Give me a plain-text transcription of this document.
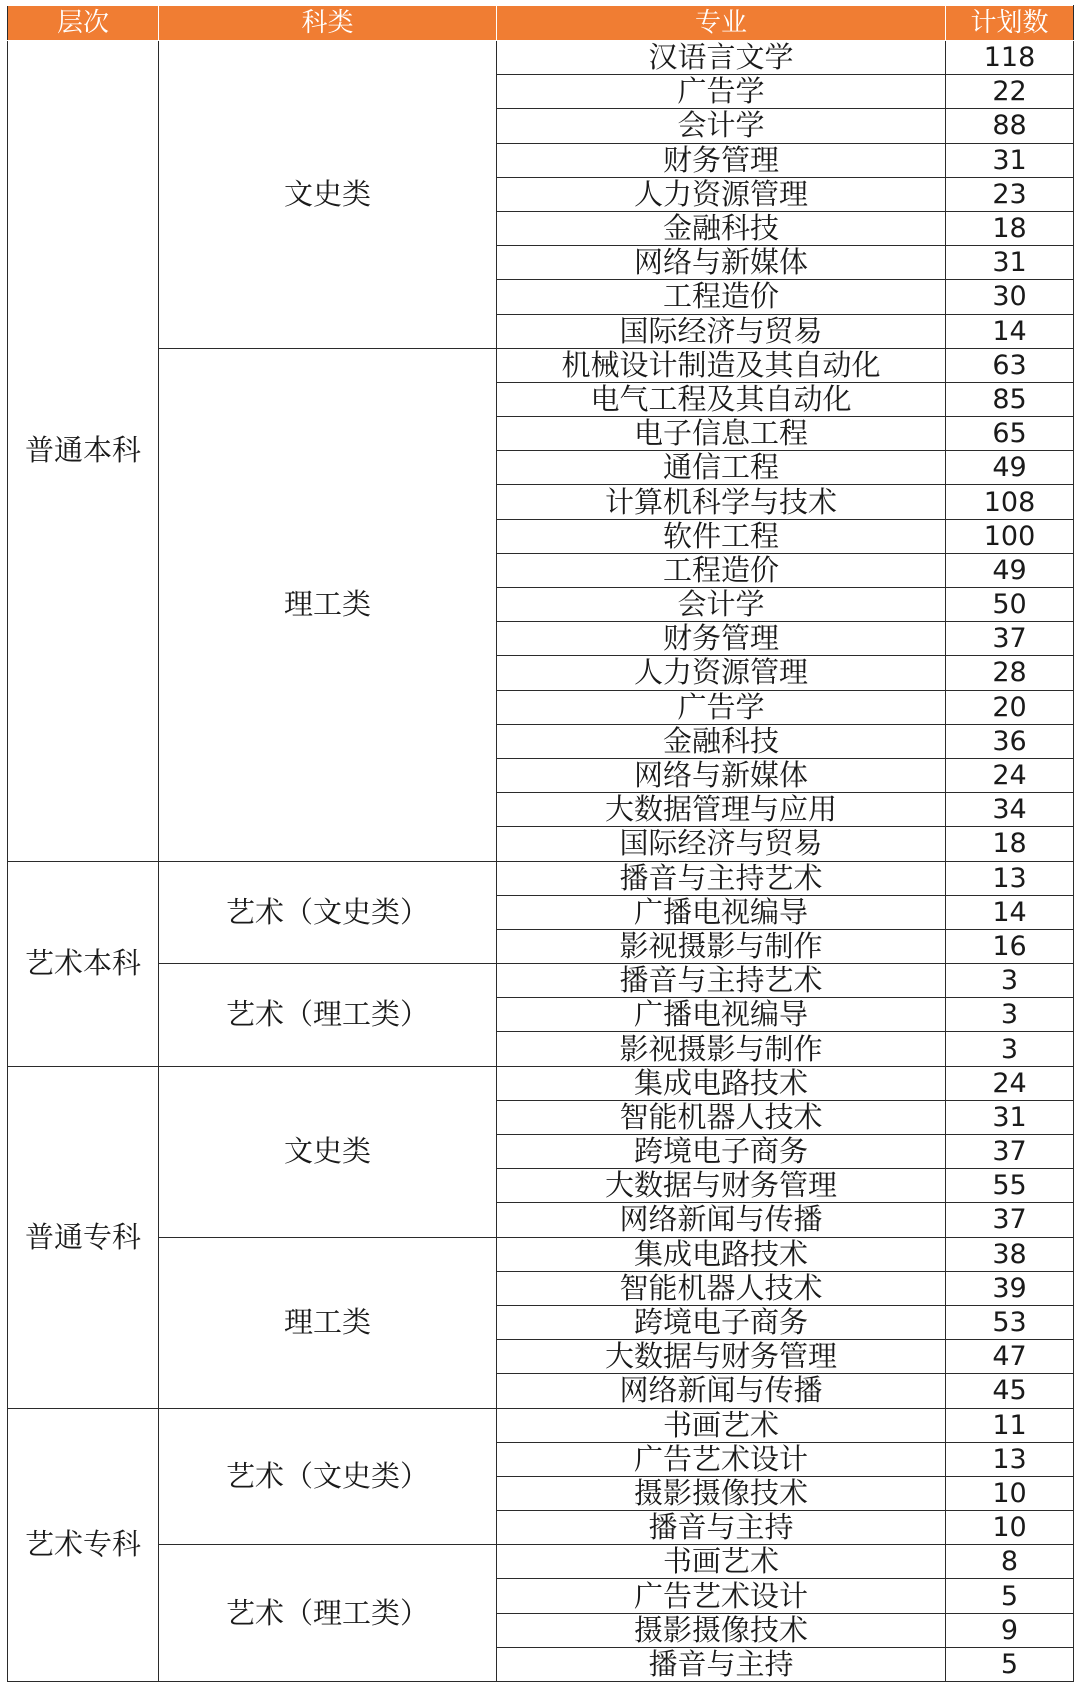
层次	科类	专业	计划数
普通本科	文史类	汉语言文学	118
		广告学	22
		会计学	88
		财务管理	31
		人力资源管理	23
		金融科技	18
		网络与新媒体	31
		工程造价	30
		国际经济与贸易	14
	理工类	机械设计制造及其自动化	63
		电气工程及其自动化	85
		电子信息工程	65
		通信工程	49
		计算机科学与技术	108
		软件工程	100
		工程造价	49
		会计学	50
		财务管理	37
		人力资源管理	28
		广告学	20
		金融科技	36
		网络与新媒体	24
		大数据管理与应用	34
		国际经济与贸易	18
艺术本科	艺术（文史类）	播音与主持艺术	13
		广播电视编导	14
		影视摄影与制作	16
	艺术（理工类）	播音与主持艺术	3
		广播电视编导	3
		影视摄影与制作	3
普通专科	文史类	集成电路技术	24
		智能机器人技术	31
		跨境电子商务	37
		大数据与财务管理	55
		网络新闻与传播	37
	理工类	集成电路技术	38
		智能机器人技术	39
		跨境电子商务	53
		大数据与财务管理	47
		网络新闻与传播	45
艺术专科	艺术（文史类）	书画艺术	11
		广告艺术设计	13
		摄影摄像技术	10
		播音与主持	10
	艺术（理工类）	书画艺术	8
		广告艺术设计	5
		摄影摄像技术	9
		播音与主持	5
